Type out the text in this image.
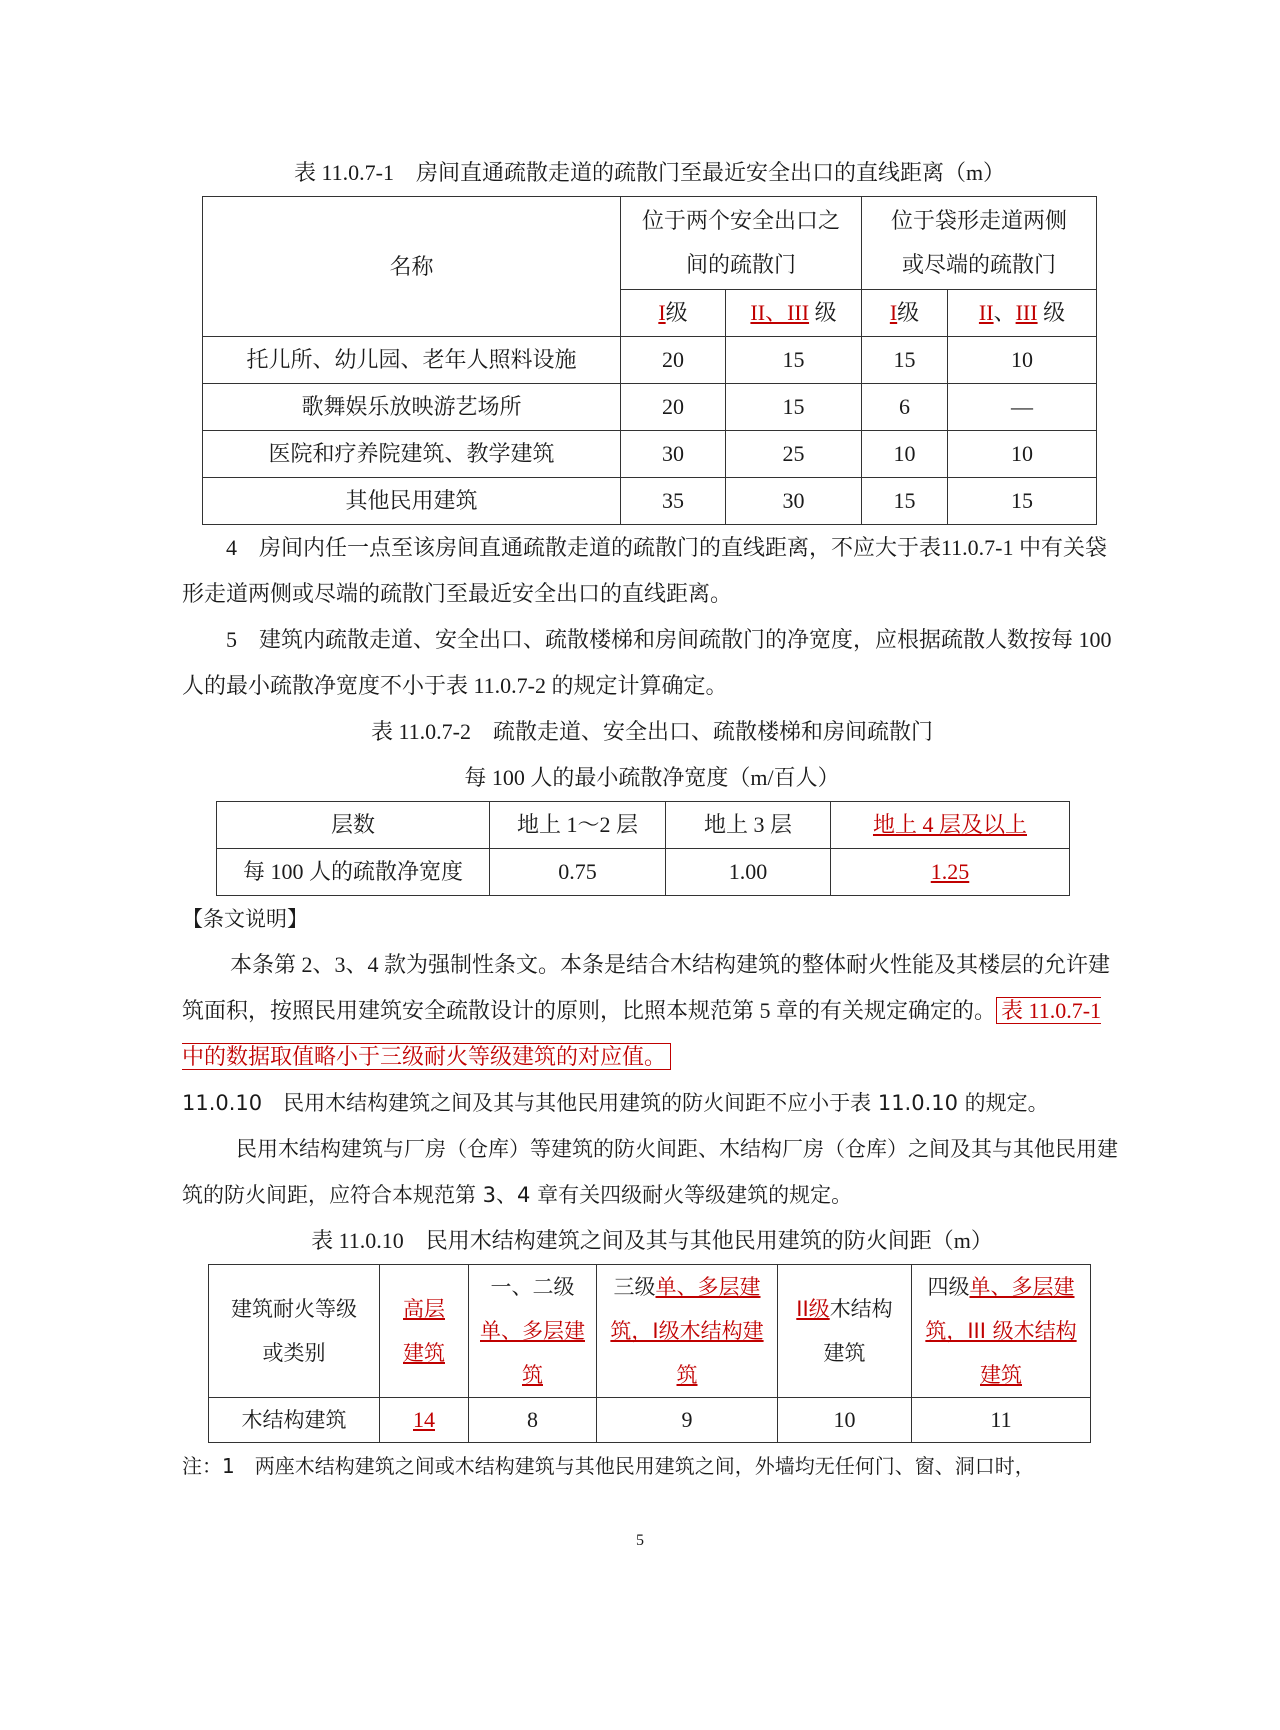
表 11.0.7-1　房间直通疏散走道的疏散门至最近安全出口的直线距离（m）
名称	位于两个安全出口之间的疏散门		位于袋形走道两侧或尽端的疏散门	
	I级	II、III 级	I级	II、III 级
托儿所、幼儿园、老年人照料设施	20	15	15	10
歌舞娱乐放映游艺场所	20	15	6	—
医院和疗养院建筑、教学建筑	30	25	10	10
其他民用建筑	35	30	15	15
4　房间内任一点至该房间直通疏散走道的疏散门的直线距离，不应大于表11.0.7-1 中有关袋形走道两侧或尽端的疏散门至最近安全出口的直线距离。
5　建筑内疏散走道、安全出口、疏散楼梯和房间疏散门的净宽度，应根据疏散人数按每 100 人的最小疏散净宽度不小于表 11.0.7-2 的规定计算确定。
表 11.0.7-2　疏散走道、安全出口、疏散楼梯和房间疏散门
每 100 人的最小疏散净宽度（m/百人）
层数	地上 1～2 层	地上 3 层	地上 4 层及以上
每 100 人的疏散净宽度	0.75	1.00	1.25
【条文说明】
本条第 2、3、4 款为强制性条文。本条是结合木结构建筑的整体耐火性能及其楼层的允许建筑面积，按照民用建筑安全疏散设计的原则，比照本规范第 5 章的有关规定确定的。 表 11.0.7-1 中的数据取值略小于三级耐火等级建筑的对应值。
11.0.10　民用木结构建筑之间及其与其他民用建筑的防火间距不应小于表 11.0.10 的规定。
民用木结构建筑与厂房（仓库）等建筑的防火间距、木结构厂房（仓库）之间及其与其他民用建筑的防火间距，应符合本规范第 3、4 章有关四级耐火等级建筑的规定。
表 11.0.10　民用木结构建筑之间及其与其他民用建筑的防火间距（m）
建筑耐火等级或类别	高层建筑	一、二级单、多层建筑	三级单、多层建筑，I级木结构建筑	II级木结构建筑	四级单、多层建筑，III 级木结构建筑
木结构建筑	14	8	9	10	11
注：1　两座木结构建筑之间或木结构建筑与其他民用建筑之间，外墙均无任何门、窗、洞口时，
5
